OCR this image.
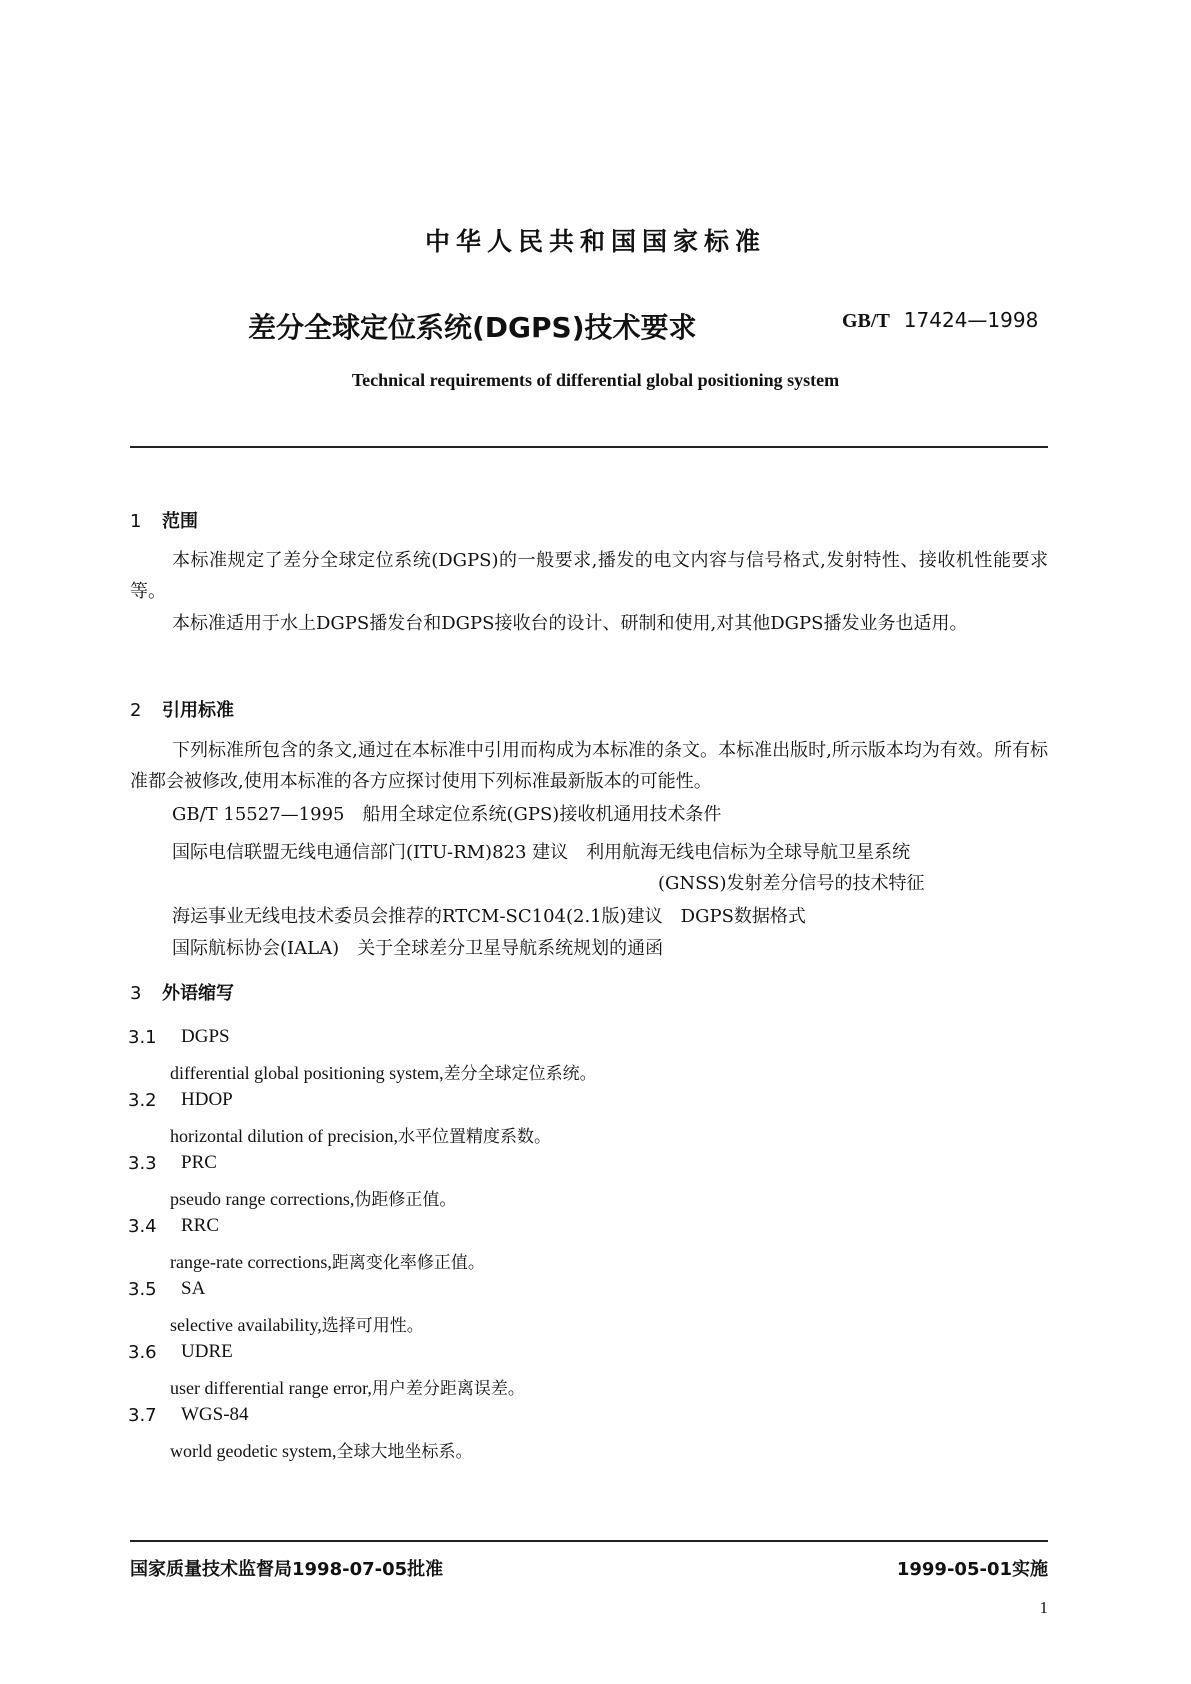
中华人民共和国国家标准
差分全球定位系统(DGPS)技术要求	GB/T 17424—1998
Technical requirements of differential global positioning system
1 范围
本标准规定了差分全球定位系统(DGPS)的一般要求,播发的电文内容与信号格式,发射特性、接收机性能要求等。
本标准适用于水上DGPS播发台和DGPS接收台的设计、研制和使用,对其他DGPS播发业务也适用。
2 引用标准
下列标准所包含的条文,通过在本标准中引用而构成为本标准的条文。本标准出版时,所示版本均为有效。所有标准都会被修改,使用本标准的各方应探讨使用下列标准最新版本的可能性。
GB/T 15527—1995 船用全球定位系统(GPS)接收机通用技术条件
国际电信联盟无线电通信部门(ITU-RM)823 建议 利用航海无线电信标为全球导航卫星系统
(GNSS)发射差分信号的技术特征
海运事业无线电技术委员会推荐的RTCM-SC104(2.1版)建议 DGPS数据格式
国际航标协会(IALA) 关于全球差分卫星导航系统规划的通函
3 外语缩写
3.1 DGPS
differential global positioning system,差分全球定位系统。
3.2 HDOP
horizontal dilution of precision,水平位置精度系数。
3.3 PRC
pseudo range corrections,伪距修正值。
3.4 RRC
range-rate corrections,距离变化率修正值。
3.5 SA
selective availability,选择可用性。
3.6 UDRE
user differential range error,用户差分距离误差。
3.7 WGS-84
world geodetic system,全球大地坐标系。
国家质量技术监督局1998-07-05批准	1999-05-01实施
1
